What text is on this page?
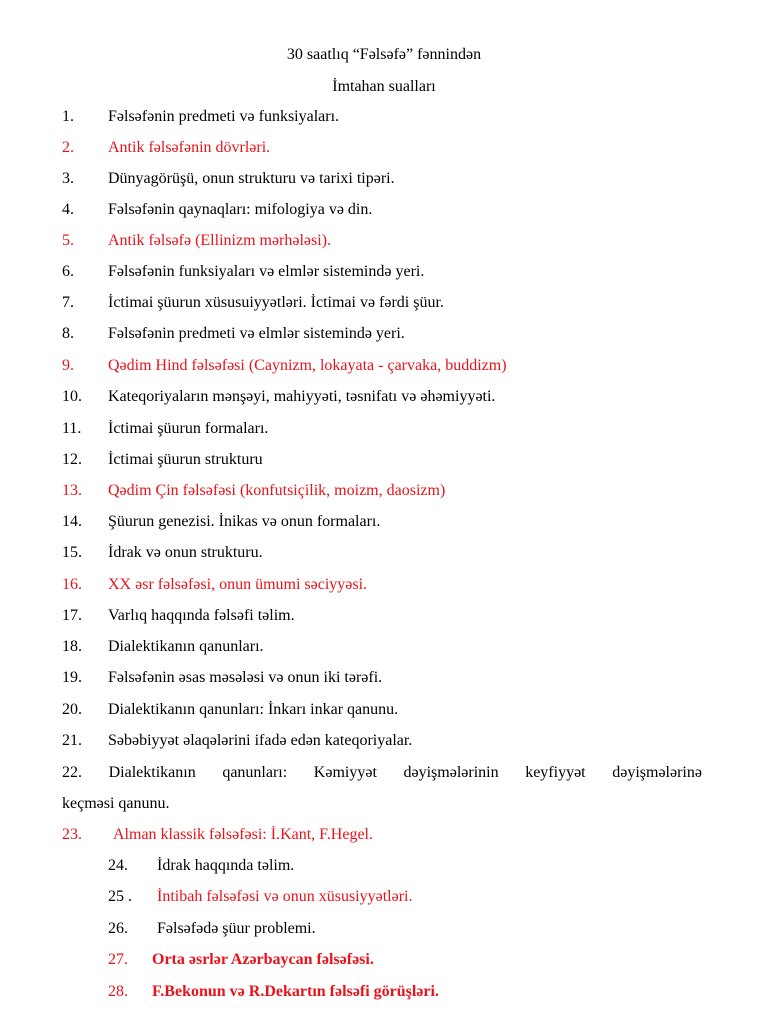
30 saatlıq “Fəlsəfə” fənnindən
İmtahan sualları
1. Fəlsəfənin predmeti və funksiyaları.
2. Antik fəlsəfənin dövrləri.
3. Dünyagörüşü, onun strukturu və tarixi tipəri.
4. Fəlsəfənin qaynaqları: mifologiya və din.
5. Antik fəlsəfə (Ellinizm mərhələsi).
6. Fəlsəfənin funksiyaları və elmlər sistemində yeri.
7. İctimai şüurun xüsusuiyyətləri. İctimai və fərdi şüur.
8. Fəlsəfənin predmeti və elmlər sistemində yeri.
9. Qədim Hind fəlsəfəsi (Caynizm, lokayata - çarvaka, buddizm)
10. Kateqoriyaların mənşəyi, mahiyyəti, təsnifatı və əhəmiyyəti.
11. İctimai şüurun formaları.
12. İctimai şüurun strukturu
13. Qədim Çin fəlsəfəsi (konfutsiçilik, moizm, daosizm)
14. Şüurun genezisi. İnikas və onun formaları.
15. İdrak və onun strukturu.
16. XX əsr fəlsəfəsi, onun ümumi səciyyəsi.
17. Varlıq haqqında fəlsəfi təlim.
18. Dialektikanın qanunları.
19. Fəlsəfənin əsas məsələsi və onun iki tərəfi.
20. Dialektikanın qanunları: İnkarı inkar qanunu.
21. Səbəbiyyət əlaqələrini ifadə edən kateqoriyalar.
22. Dialektikanın qanunları: Kəmiyyət dəyişmələrinin keyfiyyət dəyişmələrinə
keçməsi qanunu.
23. Alman klassik fəlsəfəsi: İ.Kant, F.Hegel.
24. İdrak haqqında təlim.
25 . İntibah fəlsəfəsi və onun xüsusiyyətləri.
26. Fəlsəfədə şüur problemi.
27. Orta əsrlər Azərbaycan fəlsəfəsi.
28. F.Bekonun və R.Dekartın fəlsəfi görüşləri.
